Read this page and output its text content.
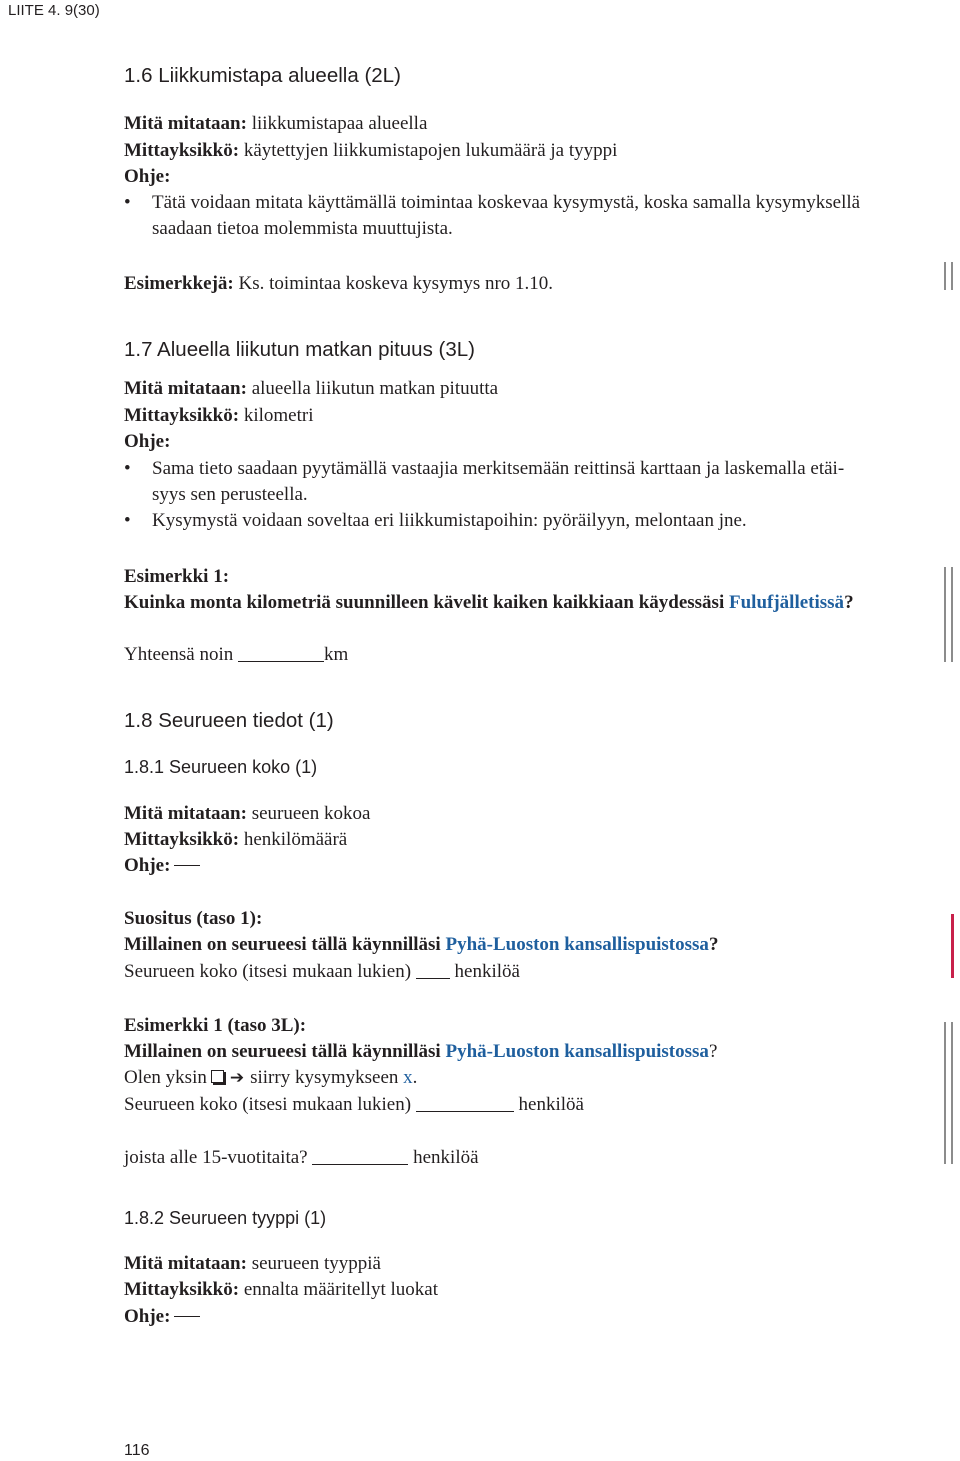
LIITE 4. 9(30)
1.6 Liikkumistapa alueella (2L)
Mitä mitataan: liikkumistapaa alueella
Mittayksikkö: käytettyjen liikkumistapojen lukumäärä ja tyyppi
Ohje:
•	Tätä voidaan mitata käyttämällä toimintaa koskevaa kysymystä, koska samalla kysymyksellä
saadaan tietoa molemmista muuttujista.
Esimerkkejä: Ks. toimintaa koskeva kysymys nro 1.10.
1.7 Alueella liikutun matkan pituus (3L)
Mitä mitataan: alueella liikutun matkan pituutta
Mittayksikkö: kilometri
Ohje:
•	Sama tieto saadaan pyytämällä vastaajia merkitsemään reittinsä karttaan ja laskemalla etäi-
syys sen perusteella.
•	Kysymystä voidaan soveltaa eri liikkumistapoihin: pyöräilyyn, melontaan jne.
Esimerkki 1:
Kuinka monta kilometriä suunnilleen kävelit kaiken kaikkiaan käydessäsi Fulufjälletissä?
Yhteensä noin	km
1.8 Seurueen tiedot (1)
1.8.1 Seurueen koko (1)
Mitä mitataan: seurueen kokoa
Mittayksikkö: henkilömäärä
Ohje:
Suositus (taso 1):
Millainen on seurueesi tällä käynnilläsi Pyhä-Luoston kansallispuistossa?
Seurueen koko (itsesi mukaan lukien)  henkilöä
Esimerkki 1 (taso 3L):
Millainen on seurueesi tällä käynnilläsi Pyhä-Luoston kansallispuistossa?
Olen yksin ➔ siirry kysymykseen x.
Seurueen koko (itsesi mukaan lukien)	henkilöä
joista alle 15-vuotitaita?	henkilöä
1.8.2 Seurueen tyyppi (1)
Mitä mitataan: seurueen tyyppiä
Mittayksikkö: ennalta määritellyt luokat
Ohje:
116
